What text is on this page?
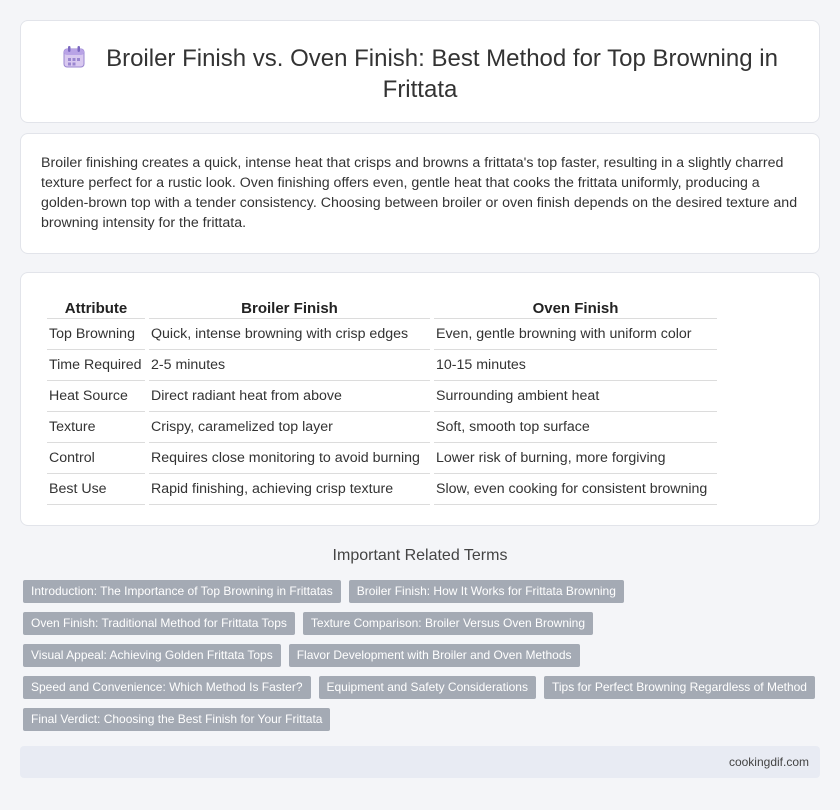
Broiler Finish vs. Oven Finish: Best Method for Top Browning in Frittata

Broiler finishing creates a quick, intense heat that crisps and browns a frittata's top faster, resulting in a slightly charred texture perfect for a rustic look. Oven finishing offers even, gentle heat that cooks the frittata uniformly, producing a golden-brown top with a tender consistency. Choosing between broiler or oven finish depends on the desired texture and browning intensity for the frittata.

Attribute	Broiler Finish	Oven Finish
Top Browning	Quick, intense browning with crisp edges	Even, gentle browning with uniform color
Time Required	2-5 minutes	10-15 minutes
Heat Source	Direct radiant heat from above	Surrounding ambient heat
Texture	Crispy, caramelized top layer	Soft, smooth top surface
Control	Requires close monitoring to avoid burning	Lower risk of burning, more forgiving
Best Use	Rapid finishing, achieving crisp texture	Slow, even cooking for consistent browning
Important Related Terms
Introduction: The Importance of Top Browning in Frittatas	Broiler Finish: How It Works for Frittata Browning
Oven Finish: Traditional Method for Frittata Tops	Texture Comparison: Broiler Versus Oven Browning
Visual Appeal: Achieving Golden Frittata Tops	Flavor Development with Broiler and Oven Methods
Speed and Convenience: Which Method Is Faster?	Equipment and Safety Considerations	Tips for Perfect Browning Regardless of Method
Final Verdict: Choosing the Best Finish for Your Frittata
cookingdif.com
